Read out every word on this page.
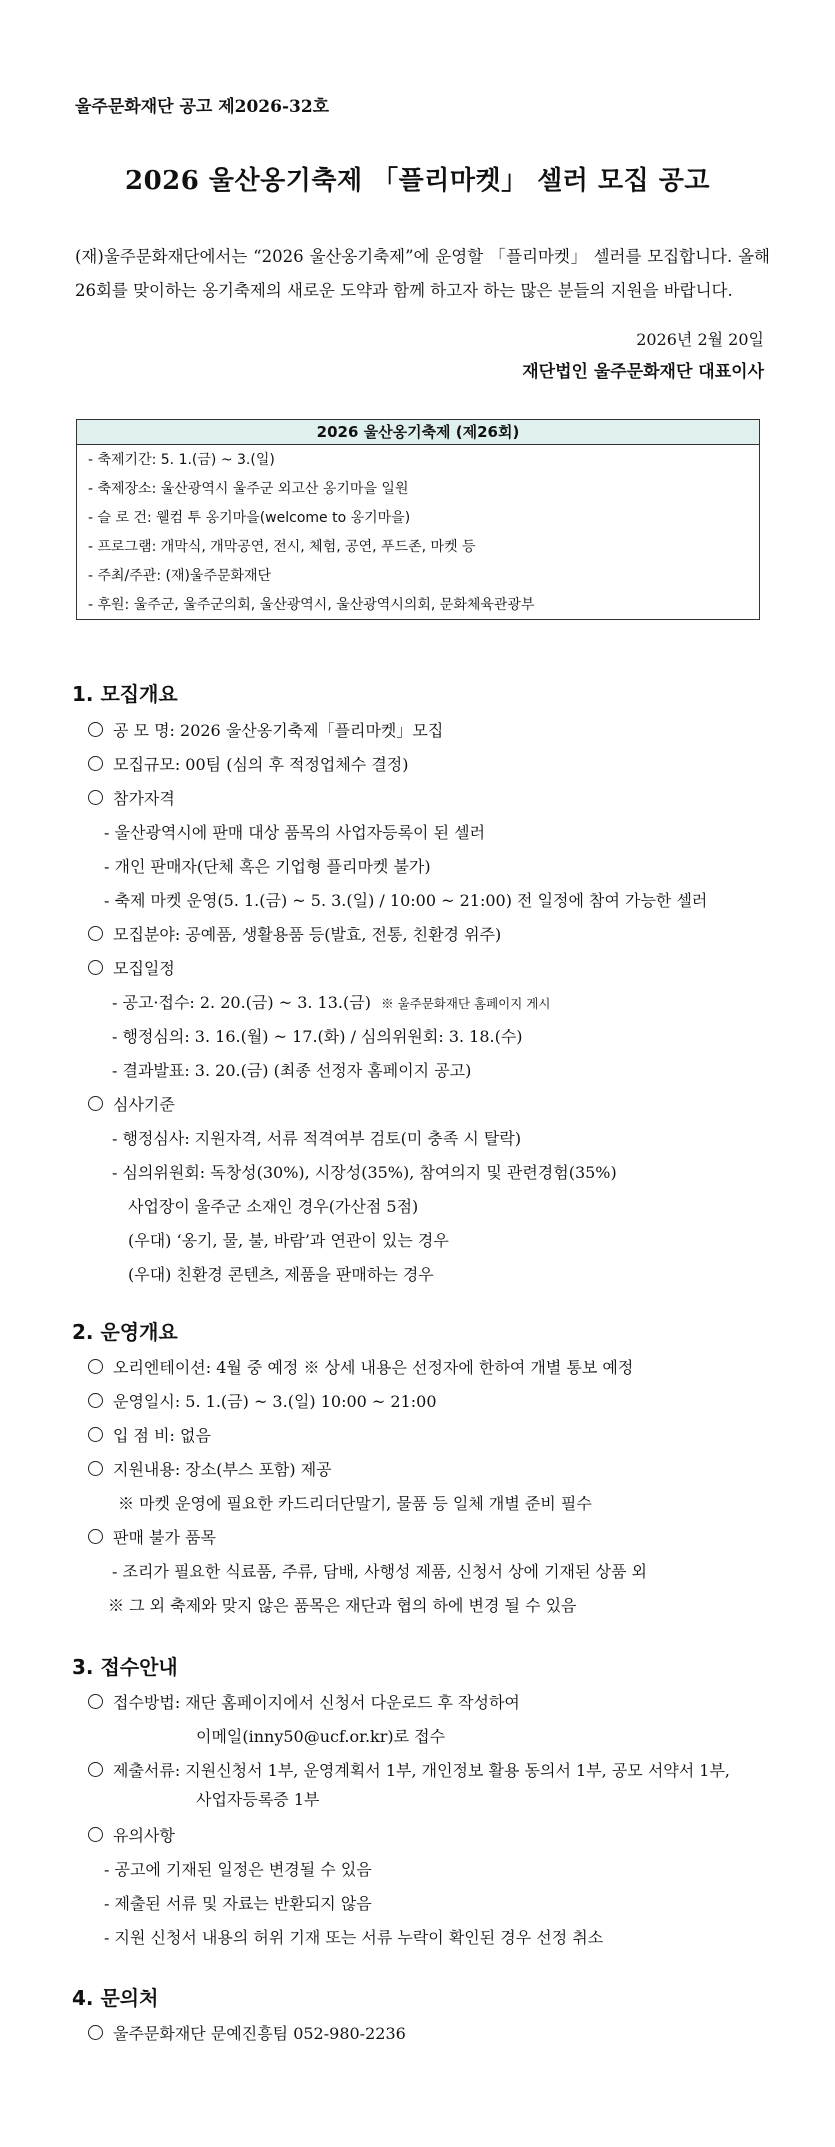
울주문화재단 공고 제2026-32호
2026 울산옹기축제 「플리마켓」 셀러 모집 공고
(재)울주문화재단에서는 “2026 울산옹기축제”에 운영할 「플리마켓」 셀러를 모집합니다. 올해 26회를 맞이하는 옹기축제의 새로운 도약과 함께 하고자 하는 많은 분들의 지원을 바랍니다.
2026년 2월 20일
재단법인 울주문화재단 대표이사
2026 울산옹기축제 (제26회)
- 축제기간: 5. 1.(금) ~ 3.(일)
- 축제장소: 울산광역시 울주군 외고산 옹기마을 일원
- 슬 로 건: 웰컴 투 옹기마을(welcome to 옹기마을)
- 프로그램: 개막식, 개막공연, 전시, 체험, 공연, 푸드존, 마켓 등
- 주최/주관: (재)울주문화재단
- 후원: 울주군, 울주군의회, 울산광역시, 울산광역시의회, 문화체육관광부
1. 모집개요
공 모 명: 2026 울산옹기축제「플리마켓」모집
모집규모: 00팀 (심의 후 적정업체수 결정)
참가자격
- 울산광역시에 판매 대상 품목의 사업자등록이 된 셀러
- 개인 판매자(단체 혹은 기업형 플리마켓 불가)
- 축제 마켓 운영(5. 1.(금) ~ 5. 3.(일) / 10:00 ~ 21:00) 전 일정에 참여 가능한 셀러
모집분야: 공예품, 생활용품 등(발효, 전통, 친환경 위주)
모집일정
- 공고·접수: 2. 20.(금) ~ 3. 13.(금) ※ 울주문화재단 홈페이지 게시
- 행정심의: 3. 16.(월) ~ 17.(화) / 심의위원회: 3. 18.(수)
- 결과발표: 3. 20.(금) (최종 선정자 홈페이지 공고)
심사기준
- 행정심사: 지원자격, 서류 적격여부 검토(미 충족 시 탈락)
- 심의위원회: 독창성(30%), 시장성(35%), 참여의지 및 관련경험(35%)
사업장이 울주군 소재인 경우(가산점 5점)
(우대) ‘옹기, 물, 불, 바람’과 연관이 있는 경우
(우대) 친환경 콘텐츠, 제품을 판매하는 경우
2. 운영개요
오리엔테이션: 4월 중 예정 ※ 상세 내용은 선정자에 한하여 개별 통보 예정
운영일시: 5. 1.(금) ~ 3.(일) 10:00 ~ 21:00
입 점 비: 없음
지원내용: 장소(부스 포함) 제공
※ 마켓 운영에 필요한 카드리더단말기, 물품 등 일체 개별 준비 필수
판매 불가 품목
- 조리가 필요한 식료품, 주류, 담배, 사행성 제품, 신청서 상에 기재된 상품 외
※ 그 외 축제와 맞지 않은 품목은 재단과 협의 하에 변경 될 수 있음
3. 접수안내
접수방법: 재단 홈페이지에서 신청서 다운로드 후 작성하여
이메일(inny50@ucf.or.kr)로 접수
제출서류: 지원신청서 1부, 운영계획서 1부, 개인정보 활용 동의서 1부, 공모 서약서 1부,
사업자등록증 1부
유의사항
- 공고에 기재된 일정은 변경될 수 있음
- 제출된 서류 및 자료는 반환되지 않음
- 지원 신청서 내용의 허위 기재 또는 서류 누락이 확인된 경우 선정 취소
4. 문의처
울주문화재단 문예진흥팀 052-980-2236
